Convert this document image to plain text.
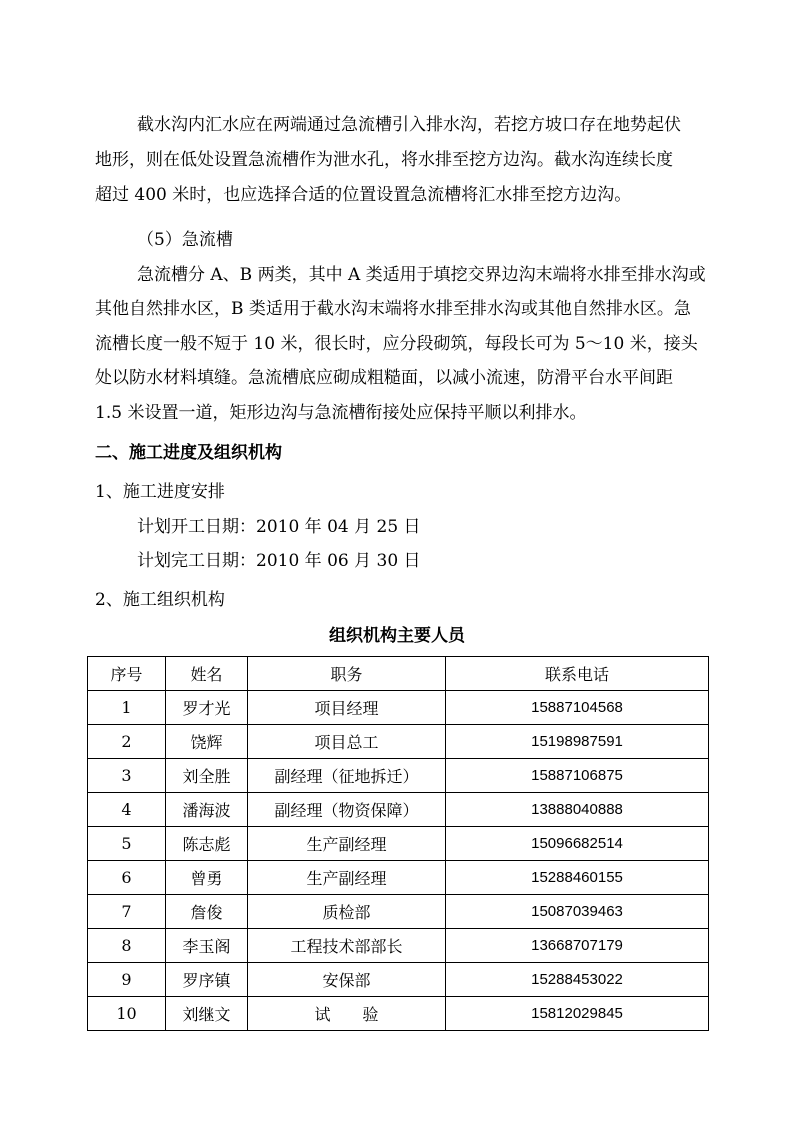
截水沟内汇水应在两端通过急流槽引入排水沟，若挖方坡口存在地势起伏
地形，则在低处设置急流槽作为泄水孔，将水排至挖方边沟。截水沟连续长度
超过 400 米时，也应选择合适的位置设置急流槽将汇水排至挖方边沟。
（5）急流槽
急流槽分 A、B 两类，其中 A 类适用于填挖交界边沟末端将水排至排水沟或
其他自然排水区，B 类适用于截水沟末端将水排至排水沟或其他自然排水区。急
流槽长度一般不短于 10 米，很长时，应分段砌筑，每段长可为 5～10 米，接头
处以防水材料填缝。急流槽底应砌成粗糙面，以减小流速，防滑平台水平间距
1.5 米设置一道，矩形边沟与急流槽衔接处应保持平顺以利排水。
二、施工进度及组织机构
1、施工进度安排
计划开工日期：2010 年 04 月 25 日
计划完工日期：2010 年 06 月 30 日
2、施工组织机构
组织机构主要人员
序号	姓名	职务	联系电话
1	罗才光	项目经理	15887104568
2	饶辉	项目总工	15198987591
3	刘全胜	副经理（征地拆迁）	15887106875
4	潘海波	副经理（物资保障）	13888040888
5	陈志彪	生产副经理	15096682514
6	曾勇	生产副经理	15288460155
7	詹俊	质检部	15087039463
8	李玉阁	工程技术部部长	13668707179
9	罗序镇	安保部	15288453022
10	刘继文	试　　验	15812029845
